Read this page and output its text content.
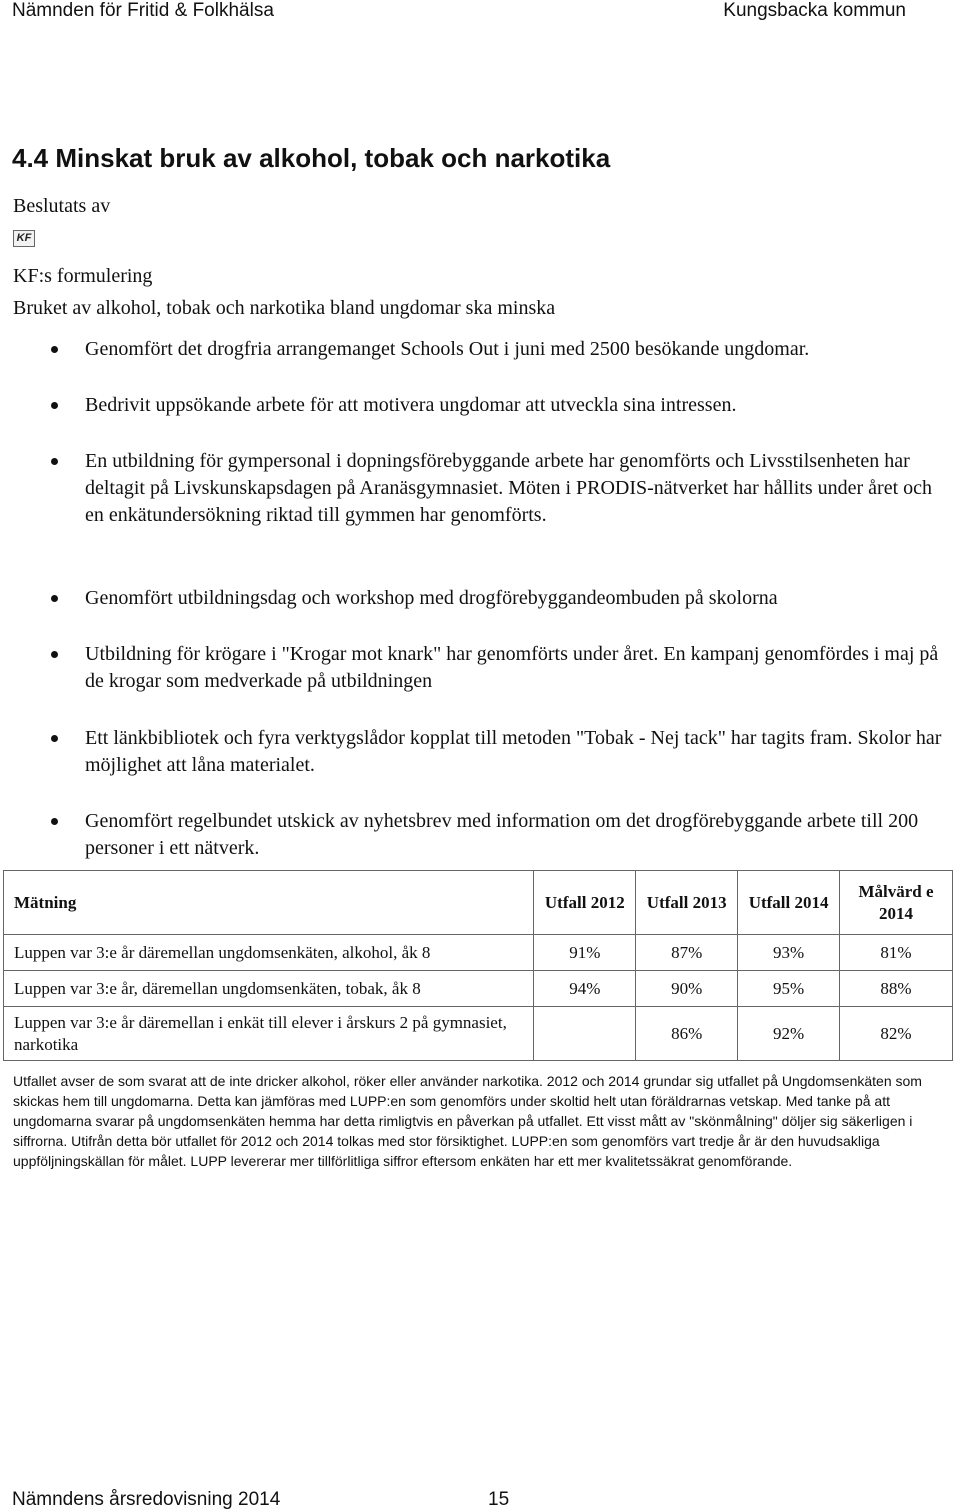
Nämnden för Fritid & Folkhälsa	Kungsbacka kommun
4.4 Minskat bruk av alkohol, tobak och narkotika
Beslutats av
KF
KF:s formulering
Bruket av alkohol, tobak och narkotika bland ungdomar ska minska
Genomfört det drogfria arrangemanget Schools Out i juni med 2500 besökande ungdomar.
Bedrivit uppsökande arbete för att motivera ungdomar att utveckla sina intressen.
En utbildning för gympersonal i dopningsförebyggande arbete har genomförts och Livsstilsenheten har deltagit på Livskunskapsdagen på Aranäsgymnasiet. Möten i PRODIS-nätverket har hållits under året och en enkätundersökning riktad till gymmen har genomförts.
Genomfört utbildningsdag och workshop med drogförebyggandeombuden på skolorna
Utbildning för krögare i "Krogar mot knark" har genomförts under året. En kampanj genomfördes i maj på de krogar som medverkade på utbildningen
Ett länkbibliotek och fyra verktygslådor kopplat till metoden "Tobak - Nej tack" har tagits fram. Skolor har möjlighet att låna materialet.
Genomfört regelbundet utskick av nyhetsbrev med information om det drogförebyggande arbete till 200 personer i ett nätverk.
Mätning	Utfall 2012	Utfall 2013	Utfall 2014	Målvärd e 2014
Luppen var 3:e år däremellan ungdomsenkäten, alkohol, åk 8	91%	87%	93%	81%
Luppen var 3:e år, däremellan ungdomsenkäten, tobak, åk 8	94%	90%	95%	88%
Luppen var 3:e år däremellan i enkät till elever i årskurs 2 på gymnasiet, narkotika		86%	92%	82%
Utfallet avser de som svarat att de inte dricker alkohol, röker eller använder narkotika. 2012 och 2014 grundar sig utfallet på Ungdomsenkäten som skickas hem till ungdomarna. Detta kan jämföras med LUPP:en som genomförs under skoltid helt utan föräldrarnas vetskap. Med tanke på att ungdomarna svarar på ungdomsenkäten hemma har detta rimligtvis en påverkan på utfallet. Ett visst mått av "skönmålning" döljer sig säkerligen i siffrorna. Utifrån detta bör utfallet för 2012 och 2014 tolkas med stor försiktighet. LUPP:en som genomförs vart tredje år är den huvudsakliga uppföljningskällan för målet. LUPP levererar mer tillförlitliga siffror eftersom enkäten har ett mer kvalitetssäkrat genomförande.
Nämndens årsredovisning 2014	15
